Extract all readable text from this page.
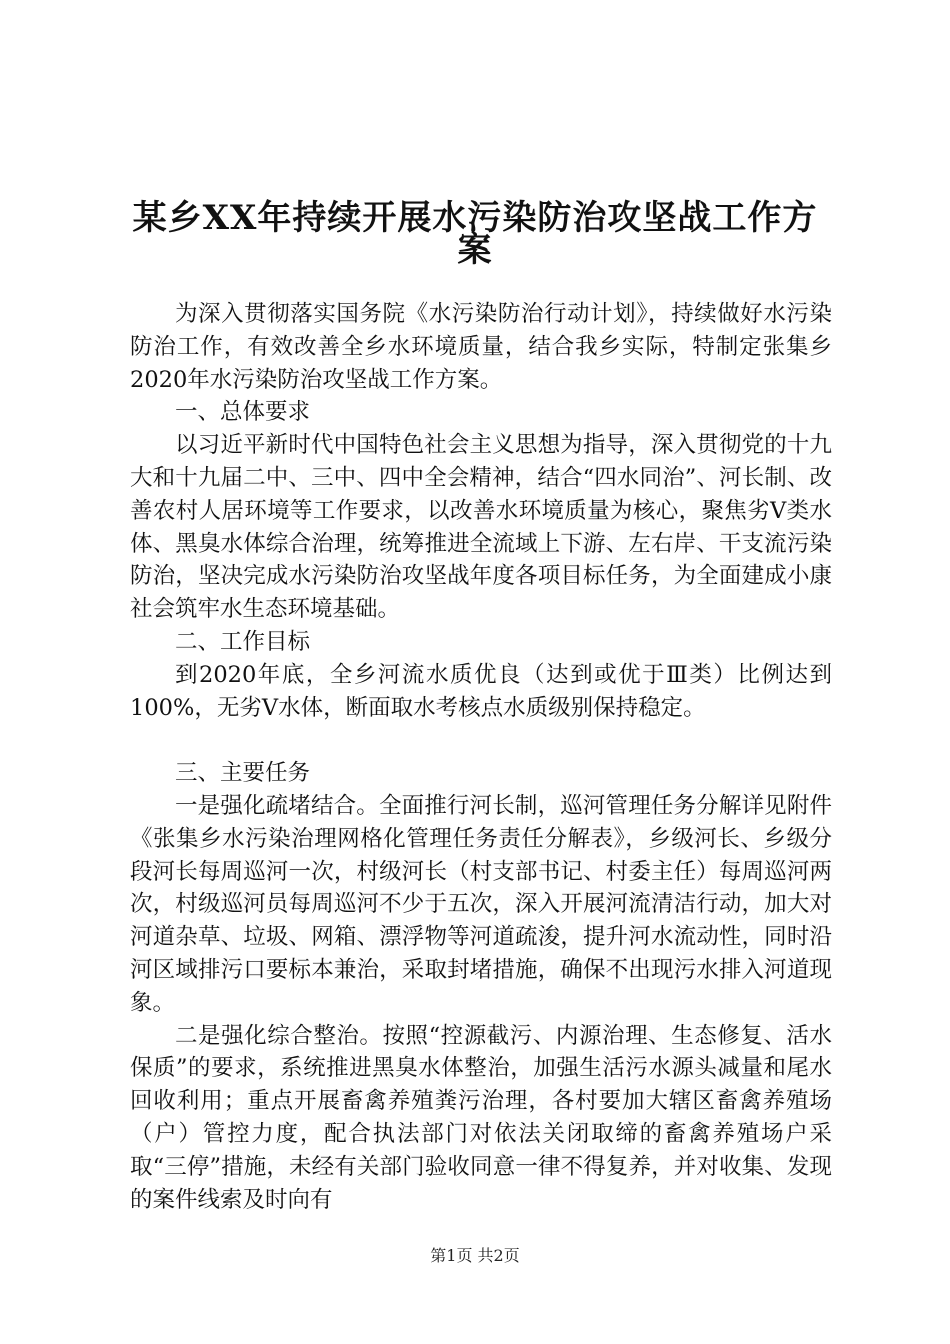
某乡XX年持续开展水污染防治攻坚战工作方
案

为深入贯彻落实国务院《水污染防治行动计划》，持续做好水污染防治工作，有效改善全乡水环境质量，结合我乡实际，特制定张集乡2020年水污染防治攻坚战工作方案。

一、总体要求

以习近平新时代中国特色社会主义思想为指导，深入贯彻党的十九大和十九届二中、三中、四中全会精神，结合“四水同治”、河长制、改善农村人居环境等工作要求，以改善水环境质量为核心，聚焦劣Ⅴ类水体、黑臭水体综合治理，统筹推进全流域上下游、左右岸、干支流污染防治，坚决完成水污染防治攻坚战年度各项目标任务，为全面建成小康社会筑牢水生态环境基础。

二、工作目标

到2020年底，全乡河流水质优良（达到或优于Ⅲ类）比例达到100%，无劣Ⅴ水体，断面取水考核点水质级别保持稳定。

三、主要任务

一是强化疏堵结合。全面推行河长制，巡河管理任务分解详见附件《张集乡水污染治理网格化管理任务责任分解表》，乡级河长、乡级分段河长每周巡河一次，村级河长（村支部书记、村委主任）每周巡河两次，村级巡河员每周巡河不少于五次，深入开展河流清洁行动，加大对河道杂草、垃圾、网箱、漂浮物等河道疏浚，提升河水流动性，同时沿河区域排污口要标本兼治，采取封堵措施，确保不出现污水排入河道现象。

二是强化综合整治。按照“控源截污、内源治理、生态修复、活水保质”的要求，系统推进黑臭水体整治，加强生活污水源头减量和尾水回收利用；重点开展畜禽养殖粪污治理，各村要加大辖区畜禽养殖场（户）管控力度，配合执法部门对依法关闭取缔的畜禽养殖场户采取“三停”措施，未经有关部门验收同意一律不得复养，并对收集、发现的案件线索及时向有

第1页 共2页
